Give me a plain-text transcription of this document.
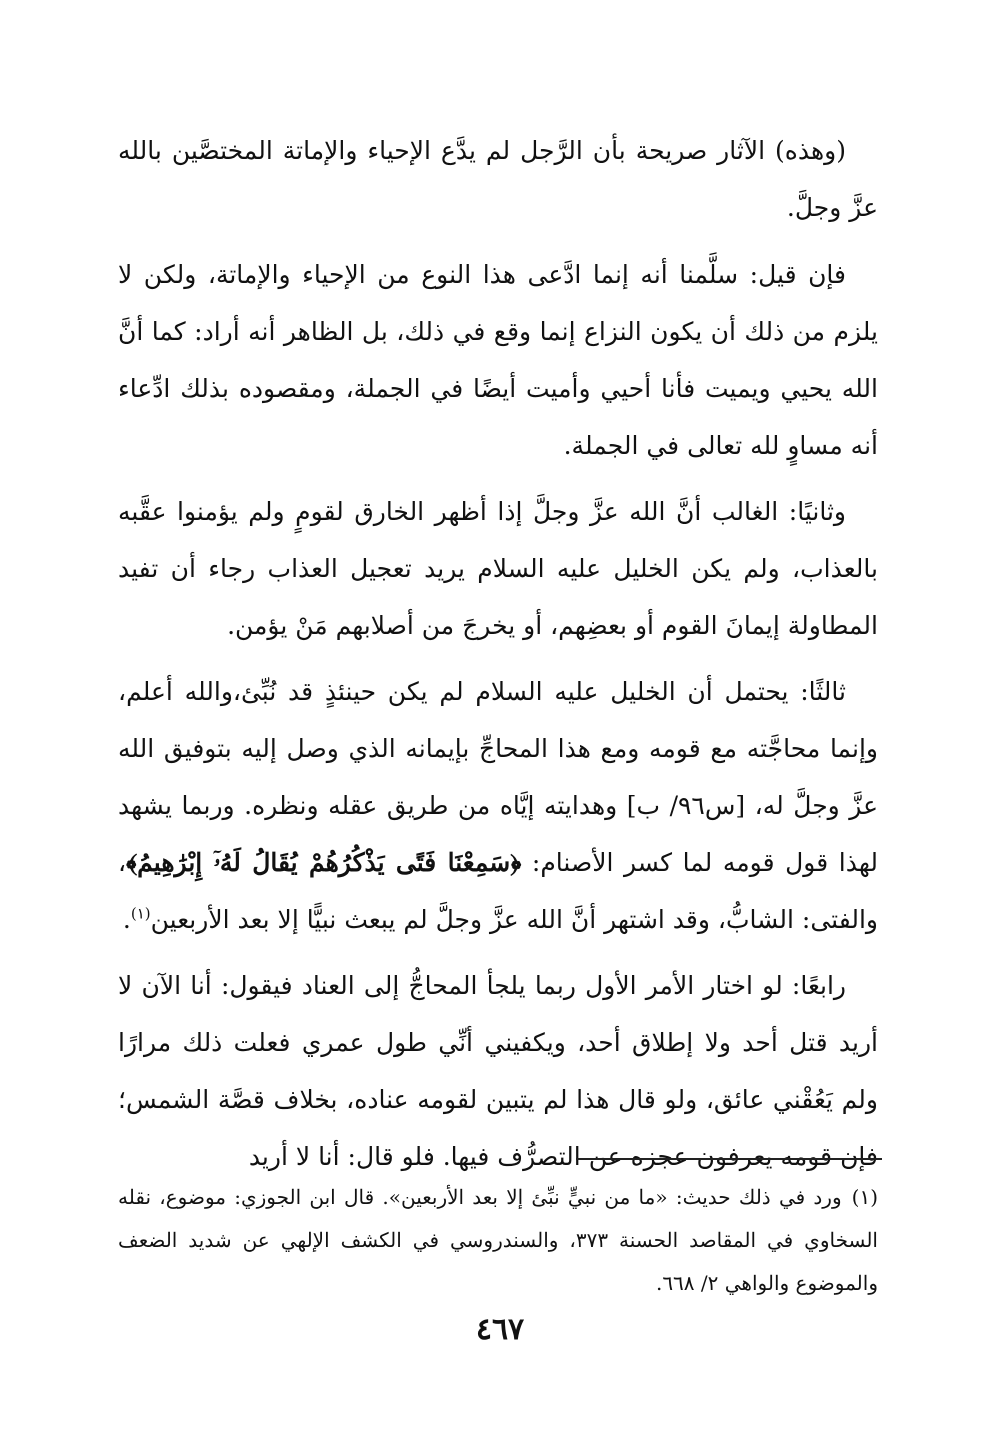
(وهذه) الآثار صريحة بأن الرَّجل لم يدَّع الإحياء والإماتة المختصَّين بالله عزَّ وجلَّ.

فإن قيل: سلَّمنا أنه إنما ادَّعى هذا النوع من الإحياء والإماتة، ولكن لا يلزم من ذلك أن يكون النزاع إنما وقع في ذلك، بل الظاهر أنه أراد: كما أنَّ الله يحيي ويميت فأنا أحيي وأميت أيضًا في الجملة، ومقصوده بذلك ادِّعاء أنه مساوٍ لله تعالى في الجملة.

وثانيًا: الغالب أنَّ الله عزَّ وجلَّ إذا أظهر الخارق لقومٍ ولم يؤمنوا عقَّبه بالعذاب، ولم يكن الخليل عليه السلام يريد تعجيل العذاب رجاء أن تفيد المطاولة إيمانَ القوم أو بعضِهم، أو يخرجَ من أصلابهم مَنْ يؤمن.

ثالثًا: يحتمل أن الخليل عليه السلام لم يكن حينئذٍ قد نُبِّئ،والله أعلم، وإنما محاجَّته مع قومه ومع هذا المحاجِّ بإيمانه الذي وصل إليه بتوفيق الله عزَّ وجلَّ له، [س٩٦/ ب] وهدايته إيَّاه من طريق عقله ونظره. وربما يشهد لهذا قول قومه لما كسر الأصنام: ﴿سَمِعْنَا فَتًى يَذْكُرُهُمْ يُقَالُ لَهُۥٓ إِبْرَٰهِيمُ﴾، والفتى: الشابُّ، وقد اشتهر أنَّ الله عزَّ وجلَّ لم يبعث نبيًّا إلا بعد الأربعين$^{(١)}$.

رابعًا: لو اختار الأمر الأول ربما يلجأ المحاجُّ إلى العناد فيقول: أنا الآن لا أريد قتل أحد ولا إطلاق أحد، ويكفيني أنِّي طول عمري فعلت ذلك مرارًا ولم يَعُقْني عائق، ولو قال هذا لم يتبين لقومه عناده، بخلاف قصَّة الشمس؛ فإن قومه يعرفون عجزه عن التصرُّف فيها. فلو قال: أنا لا أريد

(١)ورد في ذلك حديث: «ما من نبيٍّ نبِّئ إلا بعد الأربعين». قال ابن الجوزي: موضوع، نقله السخاوي في المقاصد الحسنة ٣٧٣، والسندروسي في الكشف الإلهي عن شديد الضعف والموضوع والواهي ٢/ ٦٦٨.

٤٦٧
